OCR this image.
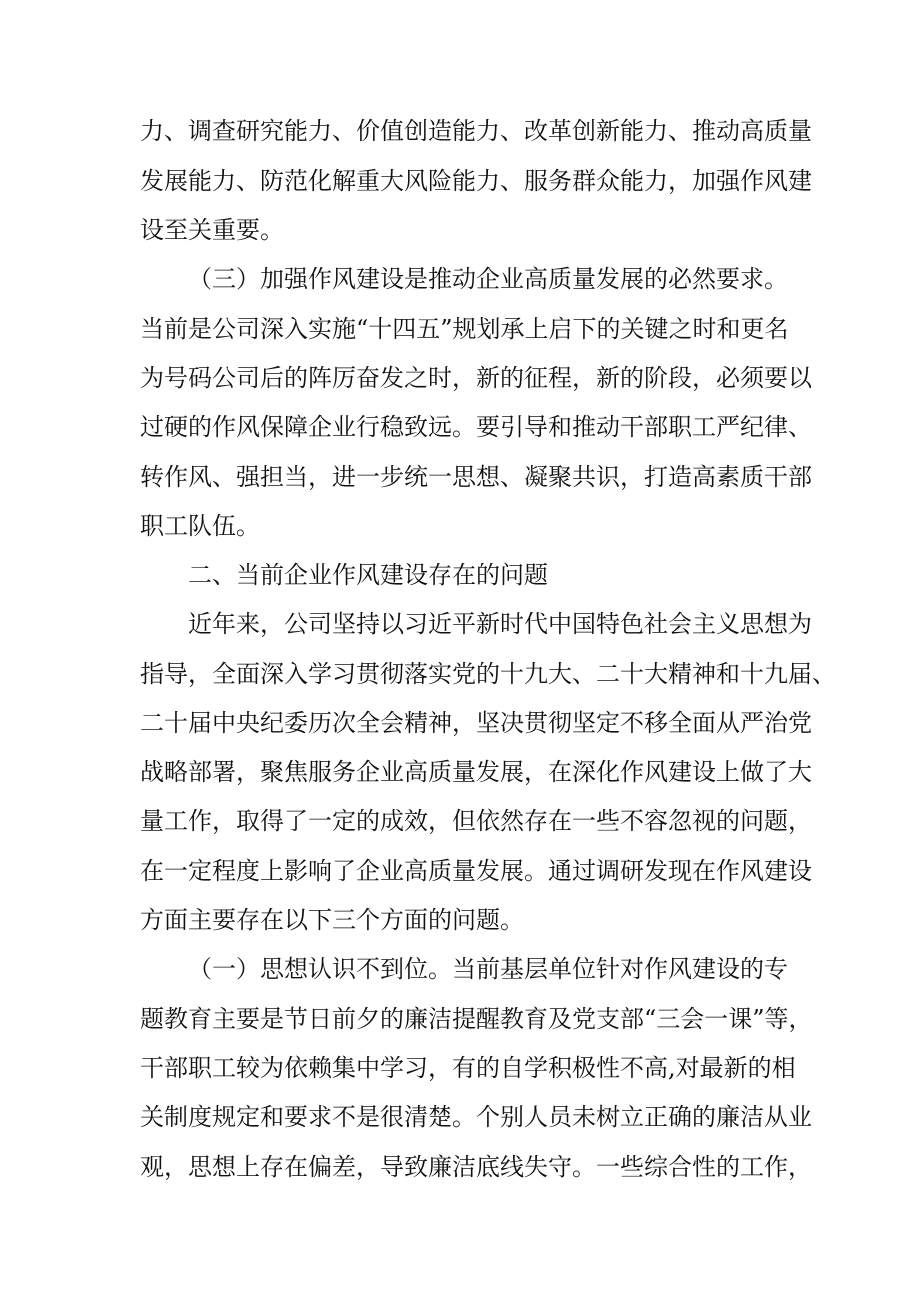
力、调查研究能力、价值创造能力、改革创新能力、推动高质量
发展能力、防范化解重大风险能力、服务群众能力，加强作风建
设至关重要。
（三）加强作风建设是推动企业高质量发展的必然要求。
当前是公司深入实施“十四五”规划承上启下的关键之时和更名
为号码公司后的阵厉奋发之时，新的征程，新的阶段，必须要以
过硬的作风保障企业行稳致远。要引导和推动干部职工严纪律、
转作风、强担当，进一步统一思想、凝聚共识，打造高素质干部
职工队伍。
二、当前企业作风建设存在的问题
近年来，公司坚持以习近平新时代中国特色社会主义思想为
指导，全面深入学习贯彻落实党的十九大、二十大精神和十九届、
二十届中央纪委历次全会精神，坚决贯彻坚定不移全面从严治党
战略部署，聚焦服务企业高质量发展，在深化作风建设上做了大
量工作，取得了一定的成效，但依然存在一些不容忽视的问题，
在一定程度上影响了企业高质量发展。通过调研发现在作风建设
方面主要存在以下三个方面的问题。
（一）思想认识不到位。当前基层单位针对作风建设的专
题教育主要是节日前夕的廉洁提醒教育及党支部“三会一课”等，
干部职工较为依赖集中学习，有的自学积极性不高,对最新的相
关制度规定和要求不是很清楚。个别人员未树立正确的廉洁从业
观，思想上存在偏差，导致廉洁底线失守。一些综合性的工作，
